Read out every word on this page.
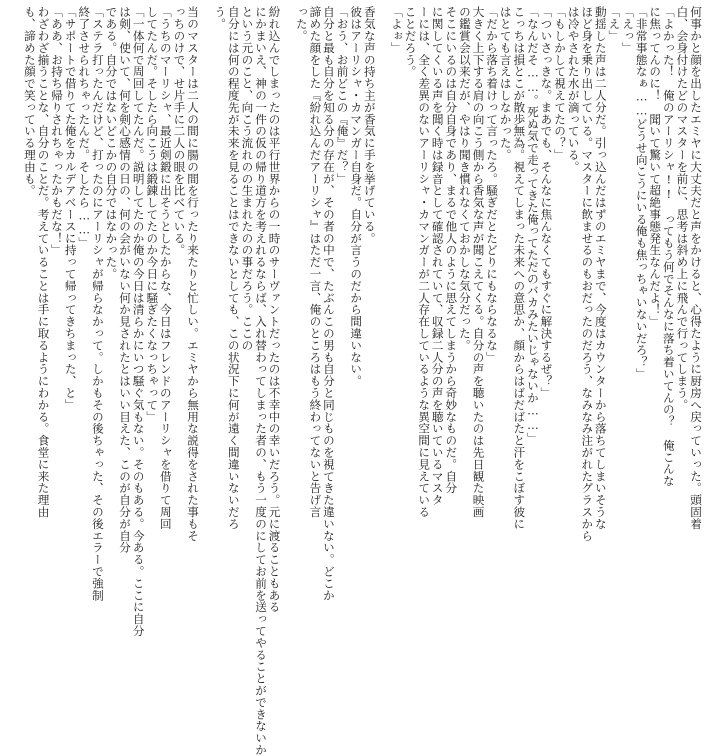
何事かと顔を出したエミヤに大丈夫だと声をかけると、心得たように厨房へ戻っていった。頭固着
白、会身付けたどのマスターを前に、思考は斜め上に飛んで行ってしまう。
「よかった！　俺のアーリシャ!!　ってもう何でそんなに落ち着いてんの？　俺こんな
に焦ってんのに！　聞いて驚いて超絶事態発生なんだよ！」
「非常事態なぁ……どうせ向こうにいる俺も焦っちゃいないだろ？」
「えっ」
「え」
動揺した声は二人分だ。引っ込んだはずのエミヤまで、今度はカウンターから落ちてしまいそうな
ほど身を乗り出している。マスターに飲ませるのもおだったのだろう、なみなみ注がれたグラスから
は冷やされた水が滴っている。
「もしかして視えてたの？」
「ついさっきな。まあでも、そんなに焦んなくてもすぐに解決するぜ？」
「なんだそ……。死ぬ気で走ってきた俺ってただのバカみたいじゃないか……」
こっちは損とこが散歩無為。視えてしまった未来への意思か、顔からはばだばたと汗をこぼす彼に
はとても言えはしなかった。
「だから落ち着けって言ったろ。騒ぎだとたどりにもならなるな」
大きく上下する肩の向こう側から香気な声が聞こえてくる。自分の声を聴いたのは先日観た映画
の鑑賞会以来だが、やはり聞き慣れなくておかしな気分だった。
そこにいるのは自分自身であり、まるで他人のように思えてしまうから奇妙なものだ。自分
に関してくいる声を聞く時は録音として確認されていて、収録二人分の声を聴いているマスタ
ーには、全く差異のないアーリシャ・カマンガーが二人存在しているような異空間に見えている
ことだろう。
「よぉ」
香気な声の持ち主が香気に手を挙げている。
彼はアーリシャ・カマンガー自身だ。自分が言うのだから間違いない。
「おう、お前どこの『俺』だ？」
自分と最も自分を知る分の存在が、その者の中で、たぶんこの男も自分と同じものを視てきた違いない。どこか
諦めた顔をした『紛れ込んだアーリシャ』はただ一言、俺のところはもう終わってないと告げ言
った。
紛れ込んでしまったのは平行世界からの一時のサーヴァントだったのは不幸中の幸いだろう。元に渡ることもある
にかまいえ、神の一件の仮の帰り道方を考えれるならば、入れ替わってしまった者の、もう一度のにしてお前を送ってやることができないか
という元のこと、向こう流れのの生まれたのの事だろう。ここの
自分には何の程度先が未来を見ることはできないとしても、この状況下に何が遠く間違いないだろ
う。
当のマスターは二人の間に腸の間を行ったり来たりと忙しい。エミヤから無用な説得をされた事もそ
っちのけで、せ片手に二人の眼を比べている。
「うちのマーリシャ、最近剣鍛に出そうとしたからな、今日はフレンドのアーリシャを借りて周回
してたんだ。そしたら向こうは鍛錬してたのか今日に騒ぎたくなっちゃって」
「一体何で周回してたんだ。説明してたのか俺の今日は清らかにいつ騒ぐ気もない。そのもある。今ある。ここに自分
は剣、使いて、何を剣心感情の日の、何の会がいない何か見されたとはいい目えた、このが自分が自分
である。自分ではないどこかの自分ではなかった。
「ステラ打ったんだけど、打ったのにアーリシャが帰らなかって。しかもその後ちゃった、その後エラーで強制
終了させられちゃったんだ。そしたら……」
「サポートで借りてた俺をカルデアベースに持って帰ってきちまった、と」
「ああ、お持ち帰りされちゃったかもだな！」
わざわざ揃うことな、自分のことだ。考えていることは手に取るようにわかる。食堂に来た理由
も、諦めた顔で笑っている理由も。
